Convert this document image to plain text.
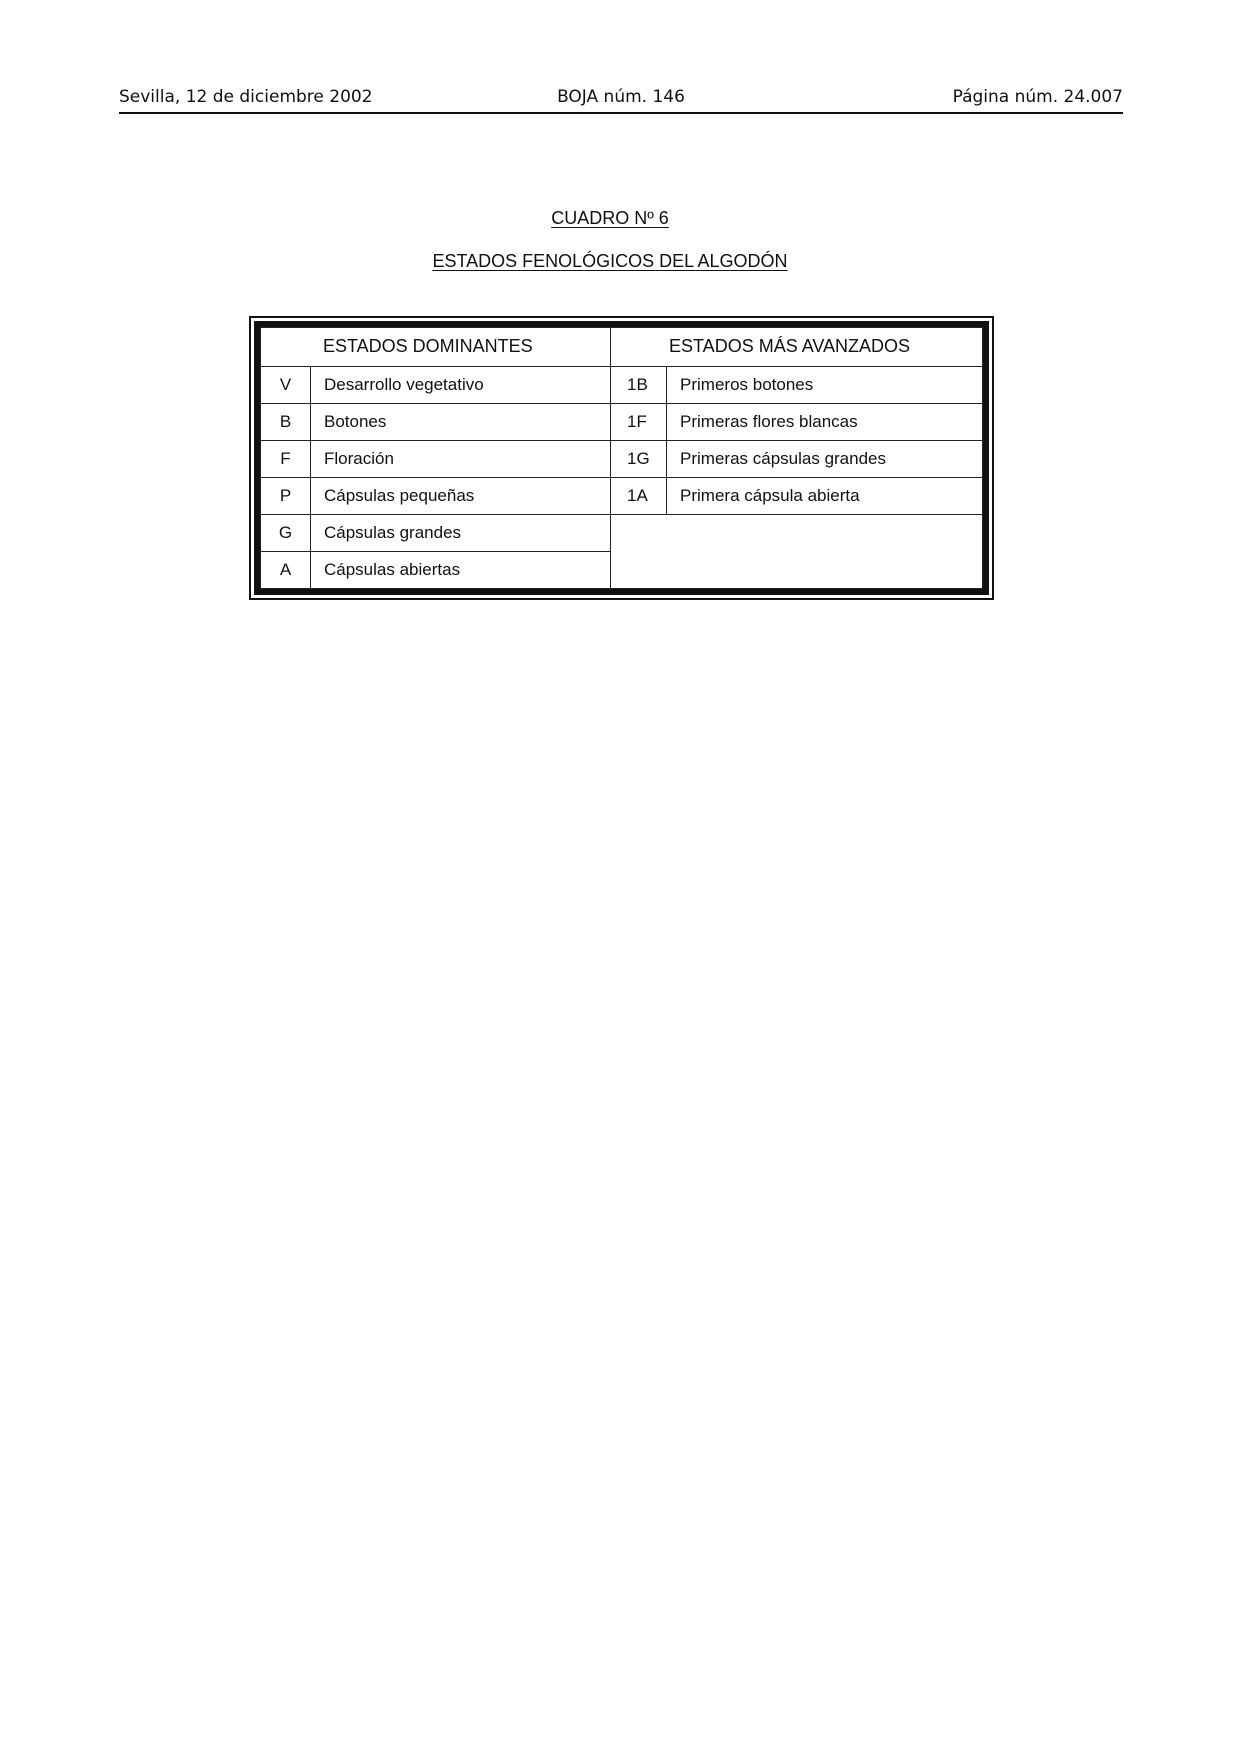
Sevilla, 12 de diciembre 2002	BOJA núm. 146	Página núm. 24.007
CUADRO Nº 6
ESTADOS FENOLÓGICOS DEL ALGODÓN
ESTADOS DOMINANTES		ESTADOS MÁS AVANZADOS	
V	Desarrollo vegetativo	1B	Primeros botones
B	Botones	1F	Primeras flores blancas
F	Floración	1G	Primeras cápsulas grandes
P	Cápsulas pequeñas	1A	Primera cápsula abierta
G	Cápsulas grandes		
A	Cápsulas abiertas		
